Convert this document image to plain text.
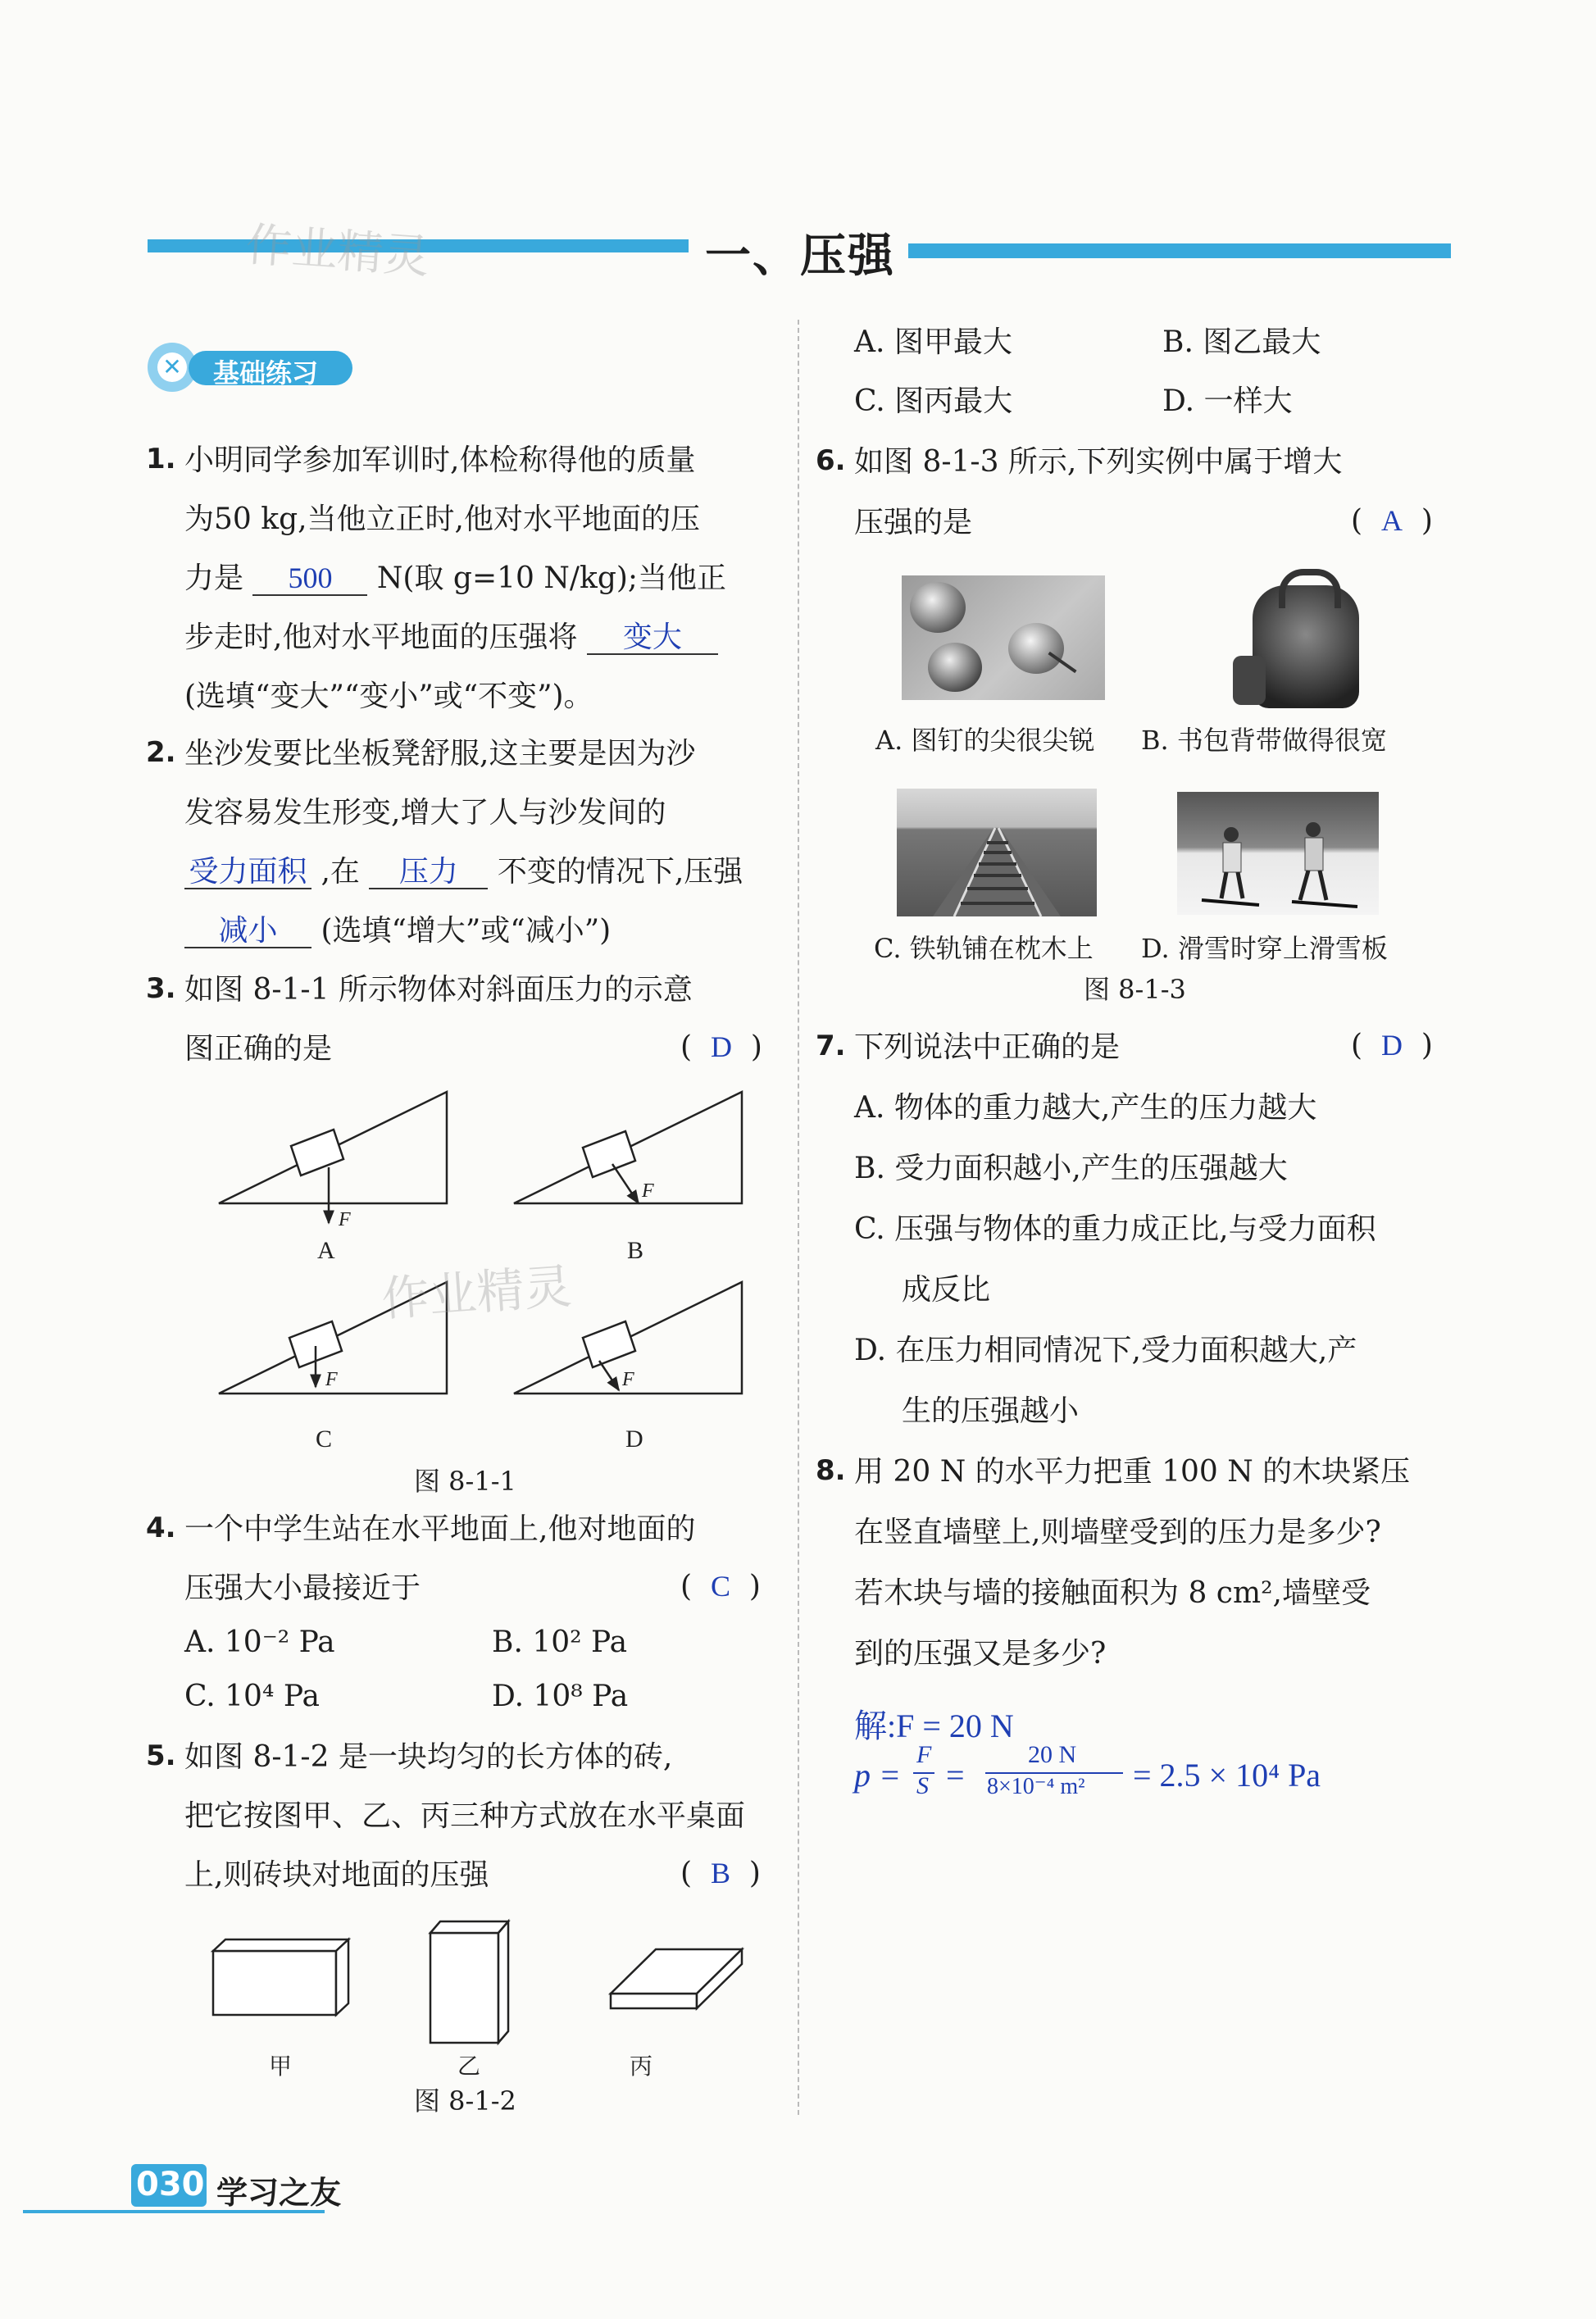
作业精灵	一、压强
✕ 基础练习
1. 小明同学参加军训时,体检称得他的质量
为50 kg,当他立正时,他对水平地面的压
力是 500 N(取 g=10 N/kg);当他正
步走时,他对水平地面的压强将 变大
(选填“变大”“变小”或“不变”)。
2. 坐沙发要比坐板凳舒服,这主要是因为沙
发容易发生形变,增大了人与沙发间的
受力面积 ,在 压力 不变的情况下,压强
减小 (选填“增大”或“减小”)
3. 如图 8-1-1 所示物体对斜面压力的示意
图正确的是	(  D  )
F
F
F	F
A	B
C	D
作业精灵
图 8-1-1
4. 一个中学生站在水平地面上,他对地面的
压强大小最接近于	(  C  )
A. 10⁻² Pa	B. 10² Pa
C. 10⁴ Pa	D. 10⁸ Pa
5. 如图 8-1-2 是一块均匀的长方体的砖,
把它按图甲、乙、丙三种方式放在水平桌面
上,则砖块对地面的压强	(  B  )
甲	乙	丙
图 8-1-2
A. 图甲最大	B. 图乙最大
C. 图丙最大	D. 一样大
6. 如图 8-1-3 所示,下列实例中属于增大
压强的是	(  A  )
A. 图钉的尖很尖锐 B. 书包背带做得很宽
C. 铁轨铺在枕木上 D. 滑雪时穿上滑雪板
图 8-1-3
7. 下列说法中正确的是	(  D  )
A. 物体的重力越大,产生的压力越大
B. 受力面积越小,产生的压强越大
C. 压强与物体的重力成正比,与受力面积
成反比
D. 在压力相同情况下,受力面积越大,产
生的压强越小
8. 用 20 N 的水平力把重 100 N 的木块紧压
在竖直墙壁上,则墙壁受到的压力是多少?
若木块与墙的接触面积为 8 cm²,墙壁受
到的压强又是多少?
解:F = 20 N
p =
F
S =
20 N
8×10⁻⁴ m² = 2.5 × 10⁴ Pa
030 学习之友
